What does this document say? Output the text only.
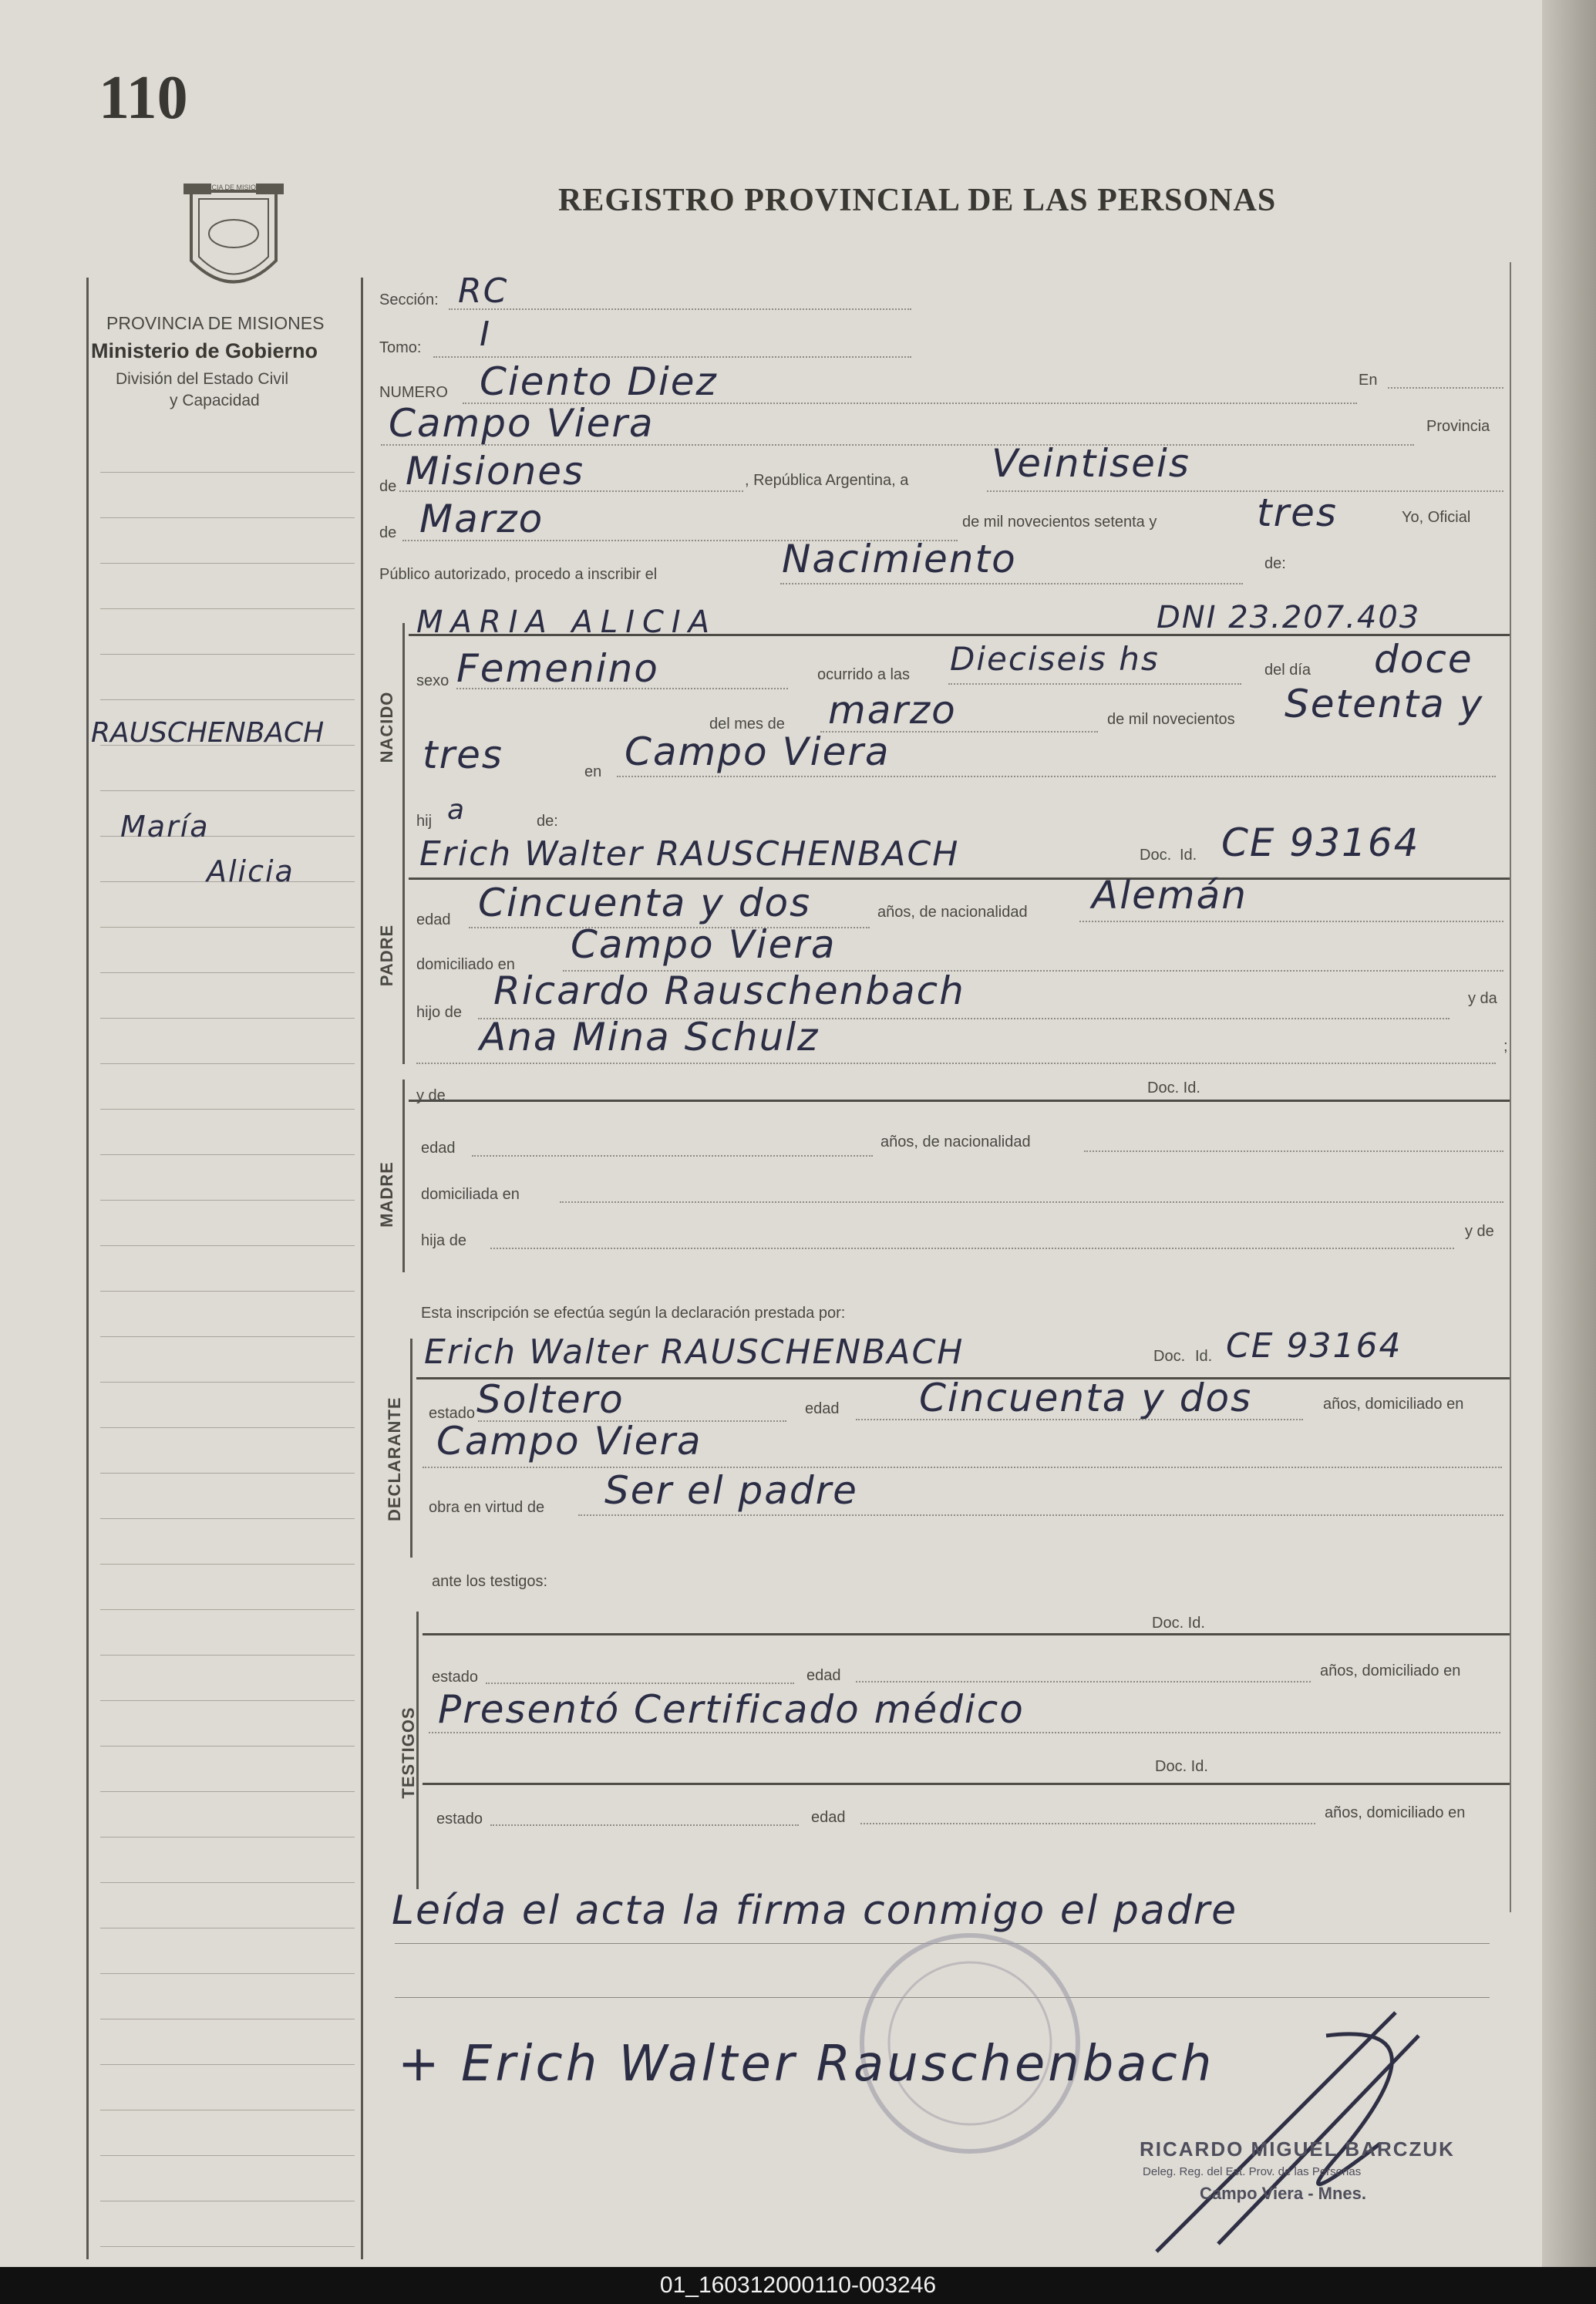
110
PROVINCIA DE MISIONES	REGISTRO PROVINCIAL DE LAS PERSONAS
PROVINCIA DE MISIONES
Ministerio de Gobierno
División del Estado Civil
y Capacidad
RAUSCHENBACH
María
Alicia
Sección: RC
Tomo: I
NUMERO Ciento Diez	En
Campo Viera	Provincia
de Misiones	, República Argentina, a Veintiseis
de Marzo	de mil novecientos setenta y	tres	Yo, Oficial
Público autorizado, procedo a inscribir el	Nacimiento	de:
NACIDO
MARIA ALICIA	DNI 23.207.403
sexo Femenino	ocurrido a las Dieciseis hs	del día doce
del mes de marzo	de mil novecientos Setenta y
tres	en Campo Viera
hij a	de:
PADRE
Erich Walter RAUSCHENBACH	Doc. Id. CE 93164
edad Cincuenta y dos	años, de nacionalidad Alemán
domiciliado en Campo Viera
hijo de Ricardo Rauschenbach	y da
Ana Mina Schulz	;
MADRE
y de	Doc. Id.
edad	años, de nacionalidad
domiciliada en
hija de
y de
Esta inscripción se efectúa según la declaración prestada por:
DECLARANTE
Erich Walter RAUSCHENBACH	Doc. Id. CE 93164
estado Soltero	edad Cincuenta y dos	años, domiciliado en
Campo Viera
obra en virtud de Ser el padre
ante los testigos:
TESTIGOS
Doc. Id.
estado	edad	años, domiciliado en
Presentó Certificado médico
Doc. Id.
estado	edad	años, domiciliado en
Leída el acta la firma conmigo el padre
+ Erich Walter Rauschenbach
RICARDO MIGUEL BARCZUK
Deleg. Reg. del Est. Prov. de las Personas
Campo Viera - Mnes.
01_160312000110-003246
